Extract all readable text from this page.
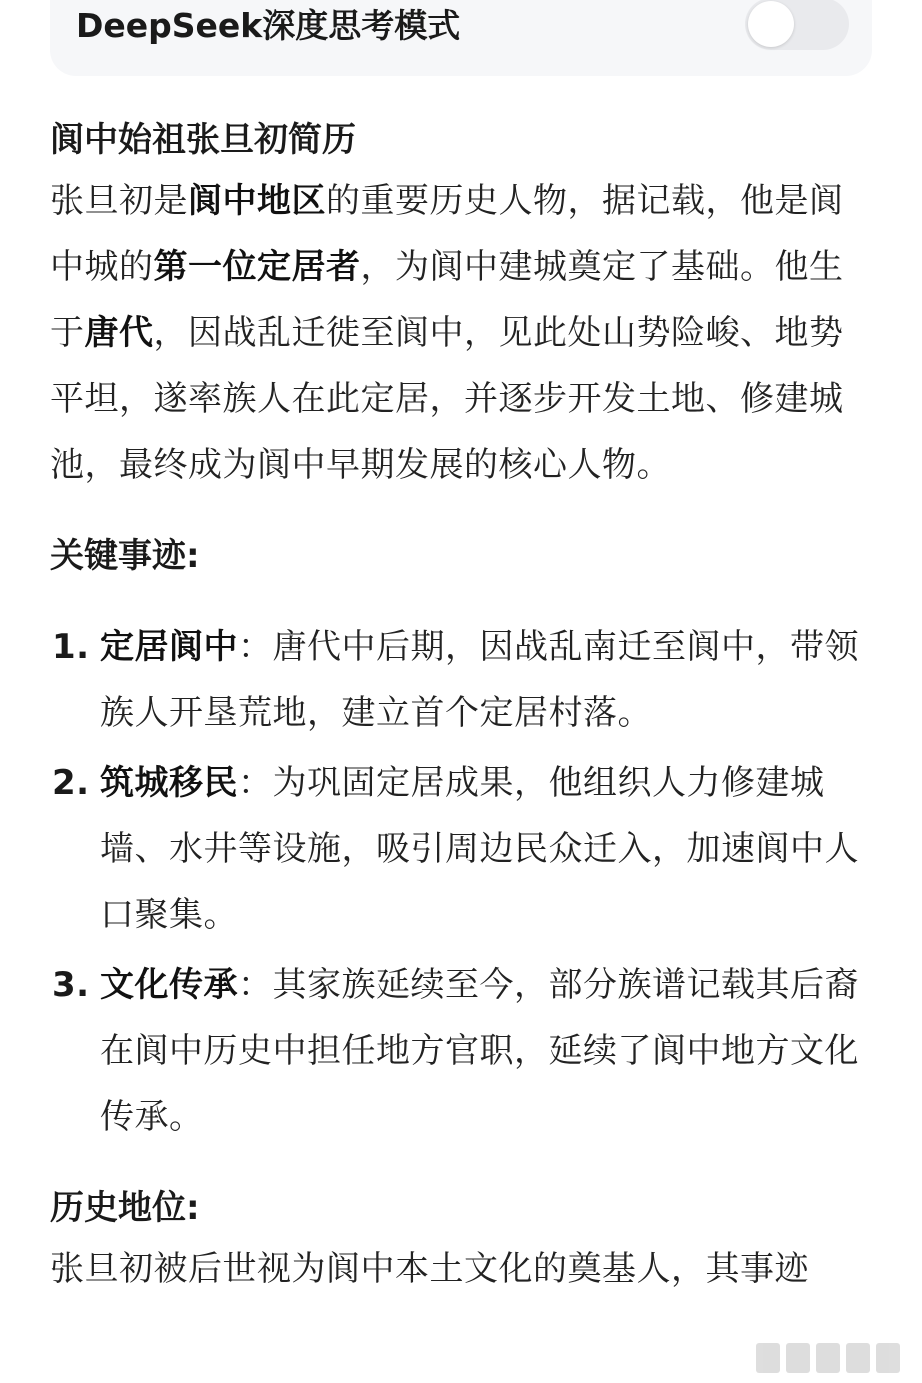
DeepSeek深度思考模式
阆中始祖张旦初简历

张旦初是阆中地区的重要历史人物，据记载，他是阆中城的第一位定居者，为阆中建城奠定了基础。他生于唐代，因战乱迁徙至阆中，见此处山势险峻、地势平坦，遂率族人在此定居，并逐步开发土地、修建城池，最终成为阆中早期发展的核心人物。

关键事迹:
1. 定居阆中：唐代中后期，因战乱南迁至阆中，带领族人开垦荒地，建立首个定居村落。
2. 筑城移民：为巩固定居成果，他组织人力修建城墙、水井等设施，吸引周边民众迁入，加速阆中人口聚集。
3. 文化传承：其家族延续至今，部分族谱记载其后裔在阆中历史中担任地方官职，延续了阆中地方文化传承。
历史地位:

张旦初被后世视为阆中本土文化的奠基人，其事迹
